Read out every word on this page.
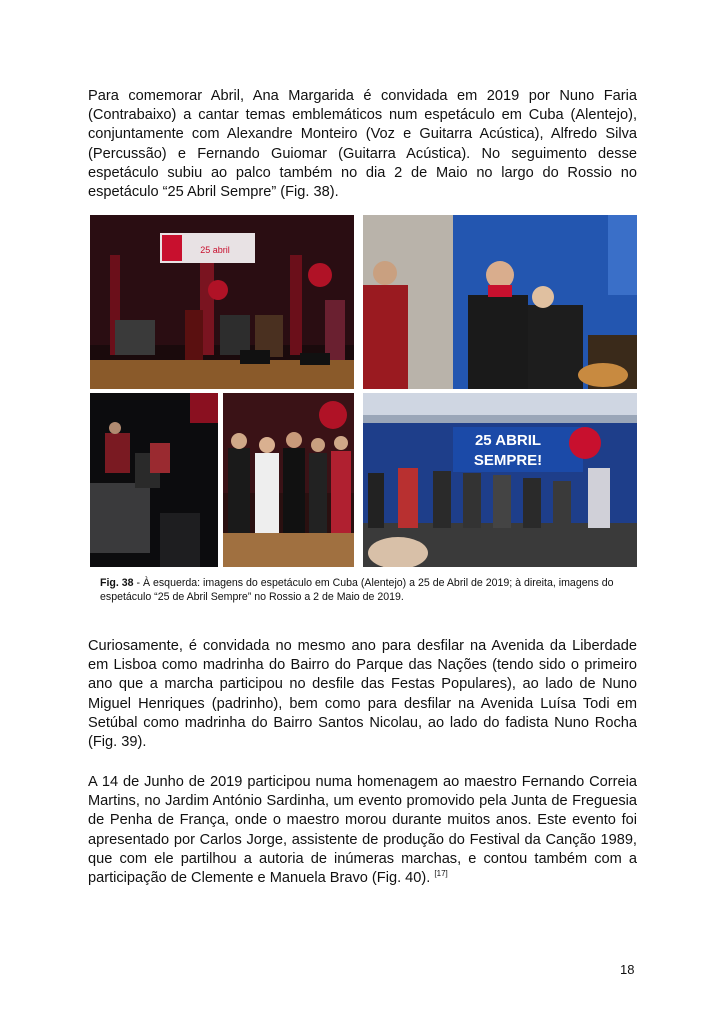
Para comemorar Abril, Ana Margarida é convidada em 2019 por Nuno Faria (Contrabaixo) a cantar temas emblemáticos num espetáculo em Cuba (Alentejo), conjuntamente com Alexandre Monteiro (Voz e Guitarra Acústica), Alfredo Silva (Percussão) e Fernando Guiomar (Guitarra Acústica). No seguimento desse espetáculo subiu ao palco também no dia 2 de Maio no largo do Rossio no espetáculo “25 Abril Sempre” (Fig. 38).

25 abril
25 ABRIL
SEMPRE!

Fig. 38 - À esquerda: imagens do espetáculo em Cuba (Alentejo) a 25 de Abril de 2019; à direita, imagens do espetáculo “25 de Abril Sempre” no Rossio a 2 de Maio de 2019.

Curiosamente, é convidada no mesmo ano para desfilar na Avenida da Liberdade em Lisboa como madrinha do Bairro do Parque das Nações (tendo sido o primeiro ano que a marcha participou no desfile das Festas Populares), ao lado de Nuno Miguel Henriques (padrinho), bem como para desfilar na Avenida Luísa Todi em Setúbal como madrinha do Bairro Santos Nicolau, ao lado do fadista Nuno Rocha (Fig. 39).

A 14 de Junho de 2019 participou numa homenagem ao maestro Fernando Correia Martins, no Jardim António Sardinha, um evento promovido pela Junta de Freguesia de Penha de França, onde o maestro morou durante muitos anos. Este evento foi apresentado por Carlos Jorge, assistente de produção do Festival da Canção 1989, que com ele partilhou a autoria de inúmeras marchas, e contou também com a participação de Clemente e Manuela Bravo (Fig. 40). [17]

18
